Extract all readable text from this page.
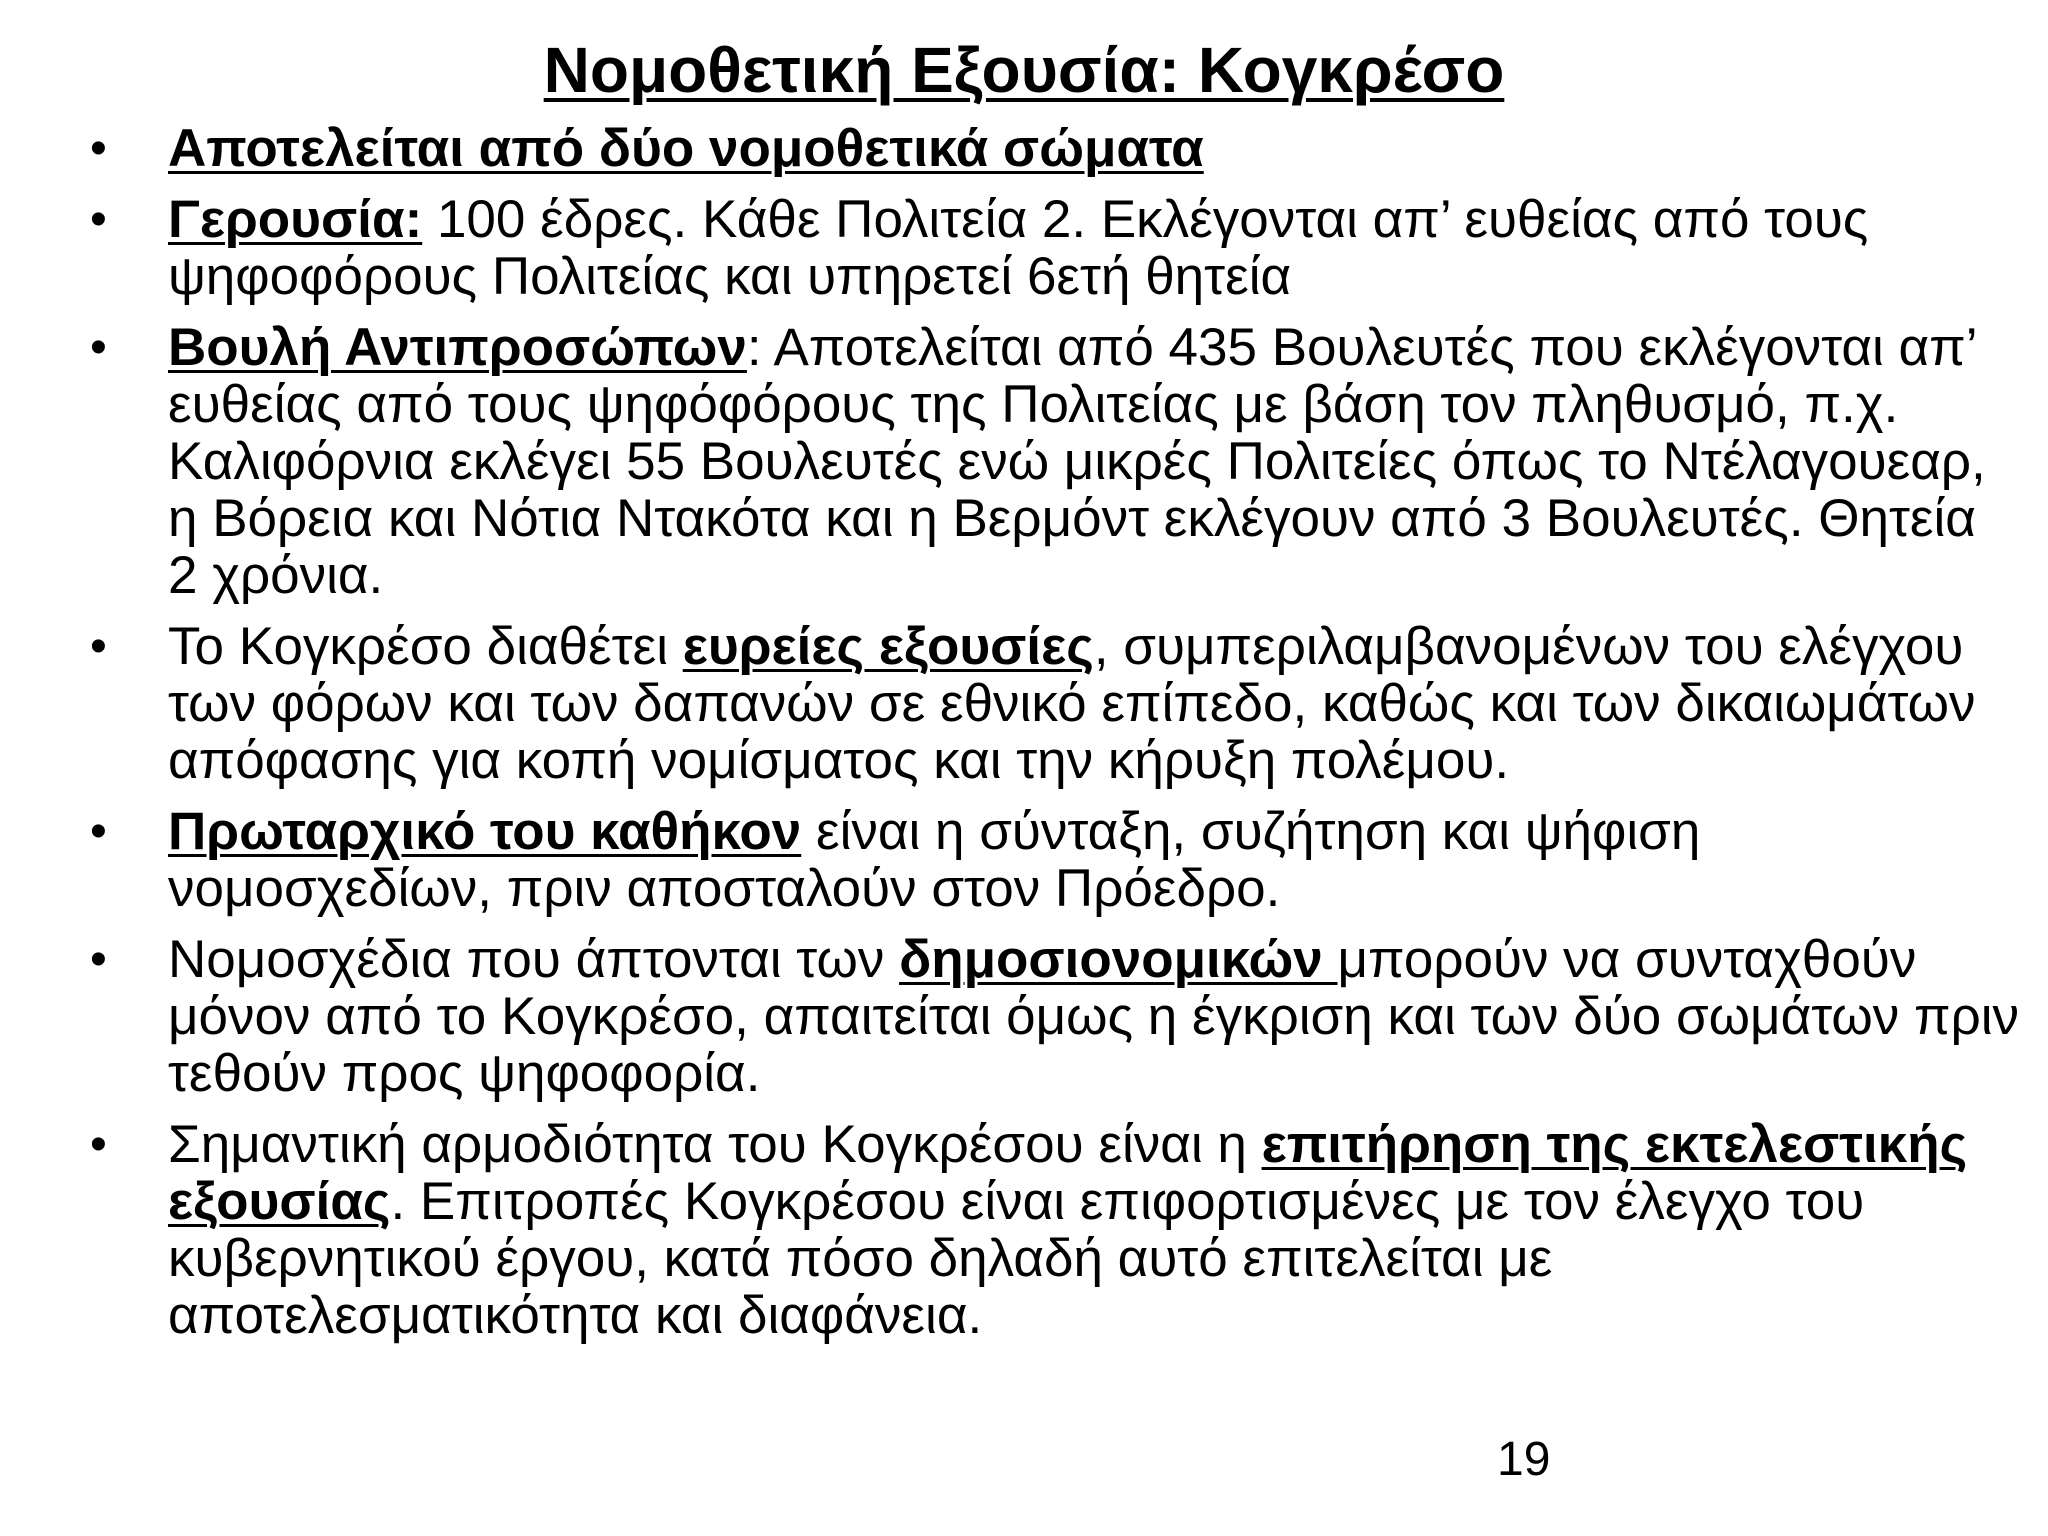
Νομοθετική Εξουσία: Κογκρέσο
•	Αποτελείται από δύο νομοθετικά σώματα
•	Γερουσία: 100 έδρες. Κάθε Πολιτεία 2. Εκλέγονται απ’ ευθείας από τους ψηφοφόρους Πολιτείας και υπηρετεί 6ετή θητεία
•	Βουλή Αντιπροσώπων: Αποτελείται από 435 Βουλευτές που εκλέγονται απ’ ευθείας από τους ψηφόφόρους της Πολιτείας με βάση τον πληθυσμό, π.χ. Καλιφόρνια εκλέγει 55 Βουλευτές ενώ μικρές Πολιτείες όπως το Ντέλαγουεαρ, η Βόρεια και Νότια Ντακότα και η Βερμόντ εκλέγουν από 3 Βουλευτές. Θητεία 2 χρόνια.
•	Το Κογκρέσο διαθέτει ευρείες εξουσίες, συμπεριλαμβανομένων του ελέγχου των φόρων και των δαπανών σε εθνικό επίπεδο, καθώς και των δικαιωμάτων απόφασης για κοπή νομίσματος και την κήρυξη πολέμου.
•	Πρωταρχικό του καθήκον είναι η σύνταξη, συζήτηση και ψήφιση νομοσχεδίων, πριν αποσταλούν στον Πρόεδρο.
•	Νομοσχέδια που άπτονται των δημοσιονομικών μπορούν να συνταχθούν μόνον από το Κογκρέσο, απαιτείται όμως η έγκριση και των δύο σωμάτων πριν τεθούν προς ψηφοφορία.
•	Σημαντική αρμοδιότητα του Κογκρέσου είναι η επιτήρηση της εκτελεστικής εξουσίας. Επιτροπές Κογκρέσου είναι επιφορτισμένες με τον έλεγχο του κυβερνητικού έργου, κατά πόσο δηλαδή αυτό επιτελείται με αποτελεσματικότητα και διαφάνεια.
19
